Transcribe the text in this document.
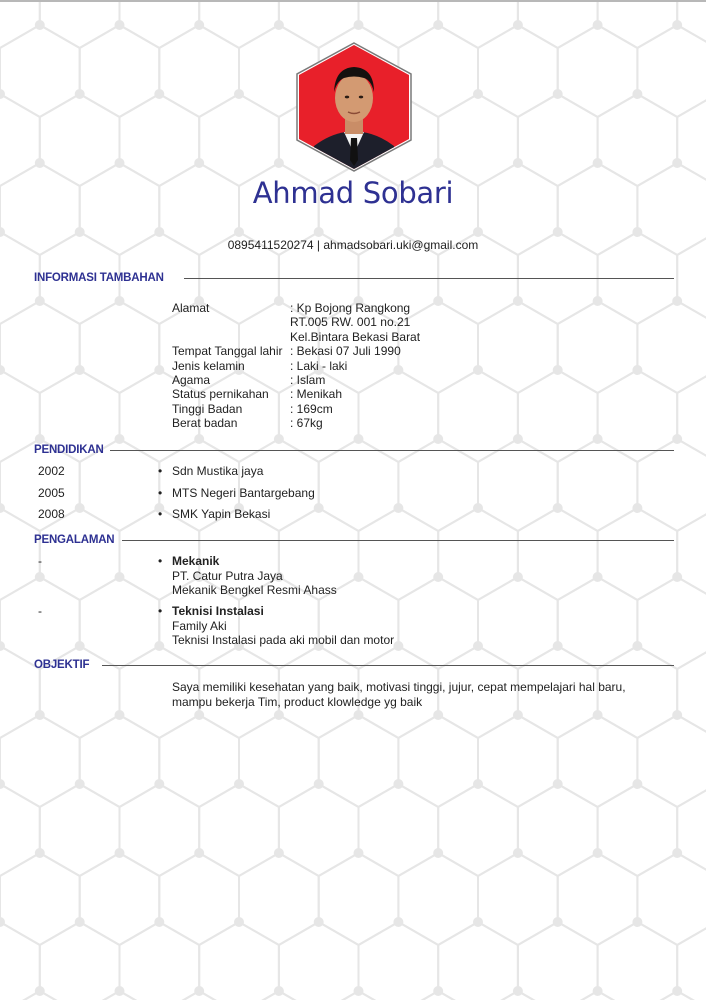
Ahmad Sobari
0895411520274 | ahmadsobari.uki@gmail.com
INFORMASI TAMBAHAN
Alamat	: Kp Bojong Rangkong
RT.005 RW. 001 no.21
Kel.Bintara Bekasi Barat
Tempat Tanggal lahir : Bekasi 07 Juli 1990
Jenis kelamin	: Laki - laki
Agama	: Islam
Status pernikahan	: Menikah
Tinggi Badan	: 169cm
Berat badan	: 67kg
PENDIDIKAN
2002	• Sdn Mustika jaya
2005	• MTS Negeri Bantargebang
2008	• SMK Yapin Bekasi
PENGALAMAN
-	• Mekanik
PT. Catur Putra Jaya
Mekanik Bengkel Resmi Ahass
-	• Teknisi Instalasi
Family Aki
Teknisi Instalasi pada aki mobil dan motor
OBJEKTIF
Saya memiliki kesehatan yang baik, motivasi tinggi, jujur, cepat mempelajari hal baru, mampu bekerja Tim, product klowledge yg baik
